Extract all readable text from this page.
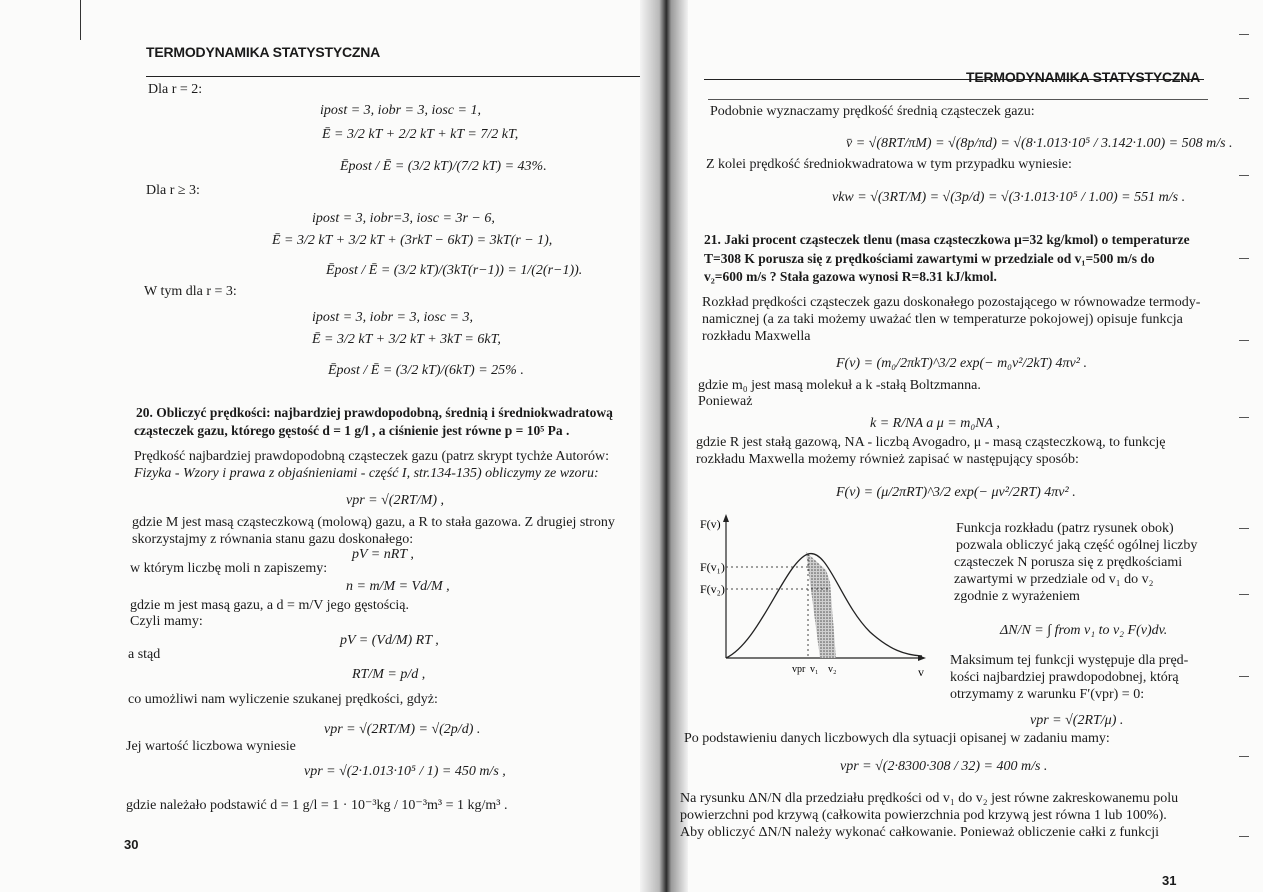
TERMODYNAMIKA STATYSTYCZNA
Dla r = 2:
ipost = 3, iobr = 3, iosc = 1,
Ē = 3/2 kT + 2/2 kT + kT = 7/2 kT,
Ēpost / Ē = (3/2 kT)/(7/2 kT) = 43%.
Dla r ≥ 3:
ipost = 3, iobr=3, iosc = 3r − 6,
Ē = 3/2 kT + 3/2 kT + (3rkT − 6kT) = 3kT(r − 1),
Ēpost / Ē = (3/2 kT)/(3kT(r−1)) = 1/(2(r−1)).
W tym dla r = 3:
ipost = 3, iobr = 3, iosc = 3,
Ē = 3/2 kT + 3/2 kT + 3kT = 6kT,
Ēpost / Ē = (3/2 kT)/(6kT) = 25% .
20. Obliczyć prędkości: najbardziej prawdopodobną, średnią i średniokwadratową
cząsteczek gazu, którego gęstość d = 1 g/l , a ciśnienie jest równe p = 10⁵ Pa .
Prędkość najbardziej prawdopodobną cząsteczek gazu (patrz skrypt tychże Autorów:
Fizyka - Wzory i prawa z objaśnieniami - część I, str.134-135) obliczymy ze wzoru:
vpr = √(2RT/M) ,
gdzie M jest masą cząsteczkową (molową) gazu, a R to stała gazowa. Z drugiej strony
skorzystajmy z równania stanu gazu doskonałego:
pV = nRT ,
w którym liczbę moli n zapiszemy:
n = m/M = Vd/M ,
gdzie m jest masą gazu, a d = m/V jego gęstością.
Czyli mamy:
pV = (Vd/M) RT ,
a stąd
RT/M = p/d ,
co umożliwi nam wyliczenie szukanej prędkości, gdyż:
vpr = √(2RT/M) = √(2p/d) .
Jej wartość liczbowa wyniesie
vpr = √(2·1.013·10⁵ / 1) = 450 m/s ,
gdzie należało podstawić d = 1 g/l = 1 · 10⁻³kg / 10⁻³m³ = 1 kg/m³ .
30
TERMODYNAMIKA STATYSTYCZNA
Podobnie wyznaczamy prędkość średnią cząsteczek gazu:
v̄ = √(8RT/πM) = √(8p/πd) = √(8·1.013·10⁵ / 3.142·1.00) = 508 m/s .
Z kolei prędkość średniokwadratowa w tym przypadku wyniesie:
vkw = √(3RT/M) = √(3p/d) = √(3·1.013·10⁵ / 1.00) = 551 m/s .
21. Jaki procent cząsteczek tlenu (masa cząsteczkowa μ=32 kg/kmol) o temperaturze
T=308 K porusza się z prędkościami zawartymi w przedziale od v₁=500 m/s do
v₂=600 m/s ? Stała gazowa wynosi R=8.31 kJ/kmol.
Rozkład prędkości cząsteczek gazu doskonałego pozostającego w równowadze termody-
namicznej (a za taki możemy uważać tlen w temperaturze pokojowej) opisuje funkcja
rozkładu Maxwella
F(v) = (m₀/2πkT)^3/2 exp(− m₀v²/2kT) 4πv² .
gdzie m₀ jest masą molekuł a k -stałą Boltzmanna.
Ponieważ
k = R/NA a μ = m₀NA ,
gdzie R jest stałą gazową, NA - liczbą Avogadro, μ - masą cząsteczkową, to funkcję
rozkładu Maxwella możemy również zapisać w następujący sposób:
F(v) = (μ/2πRT)^3/2 exp(− μv²/2RT) 4πv² .
F(v)
F(v₁)
F(v₂)
vpr v₁ v₂	v
Funkcja rozkładu (patrz rysunek obok)
pozwala obliczyć jaką część ogólnej liczby
cząsteczek N porusza się z prędkościami
zawartymi w przedziale od v₁ do v₂
zgodnie z wyrażeniem
ΔN/N = ∫ from v₁ to v₂ F(v)dv.
Maksimum tej funkcji występuje dla pręd-
kości najbardziej prawdopodobnej, którą
otrzymamy z warunku F′(vpr) = 0:
vpr = √(2RT/μ) .
Po podstawieniu danych liczbowych dla sytuacji opisanej w zadaniu mamy:
vpr = √(2·8300·308 / 32) = 400 m/s .
Na rysunku ΔN/N dla przedziału prędkości od v₁ do v₂ jest równe zakreskowanemu polu
powierzchni pod krzywą (całkowita powierzchnia pod krzywą jest równa 1 lub 100%).
Aby obliczyć ΔN/N należy wykonać całkowanie. Ponieważ obliczenie całki z funkcji
31
